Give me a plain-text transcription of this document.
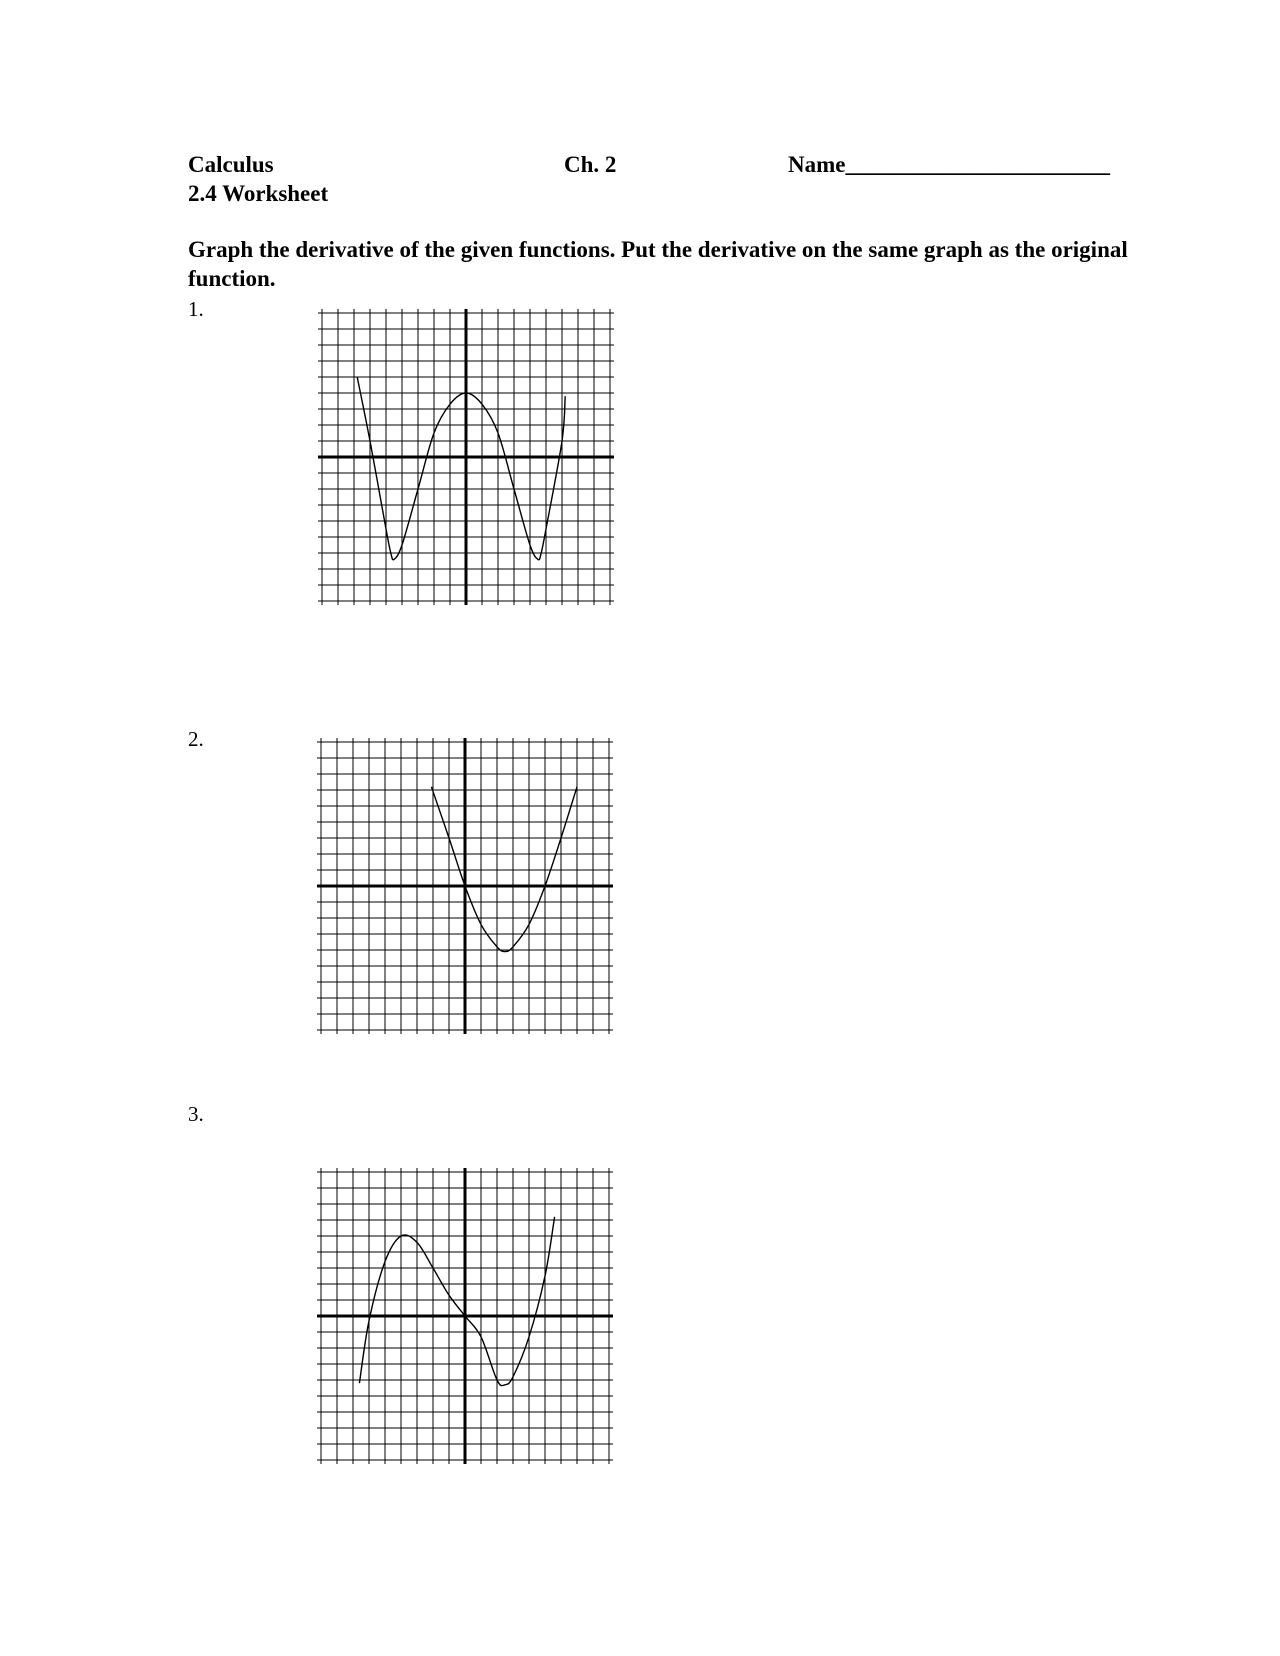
Calculus	Ch. 2	Name_______________________
2.4 Worksheet
Graph the derivative of the given functions. Put the derivative on the same graph as the original function.
1.
2.
3.
